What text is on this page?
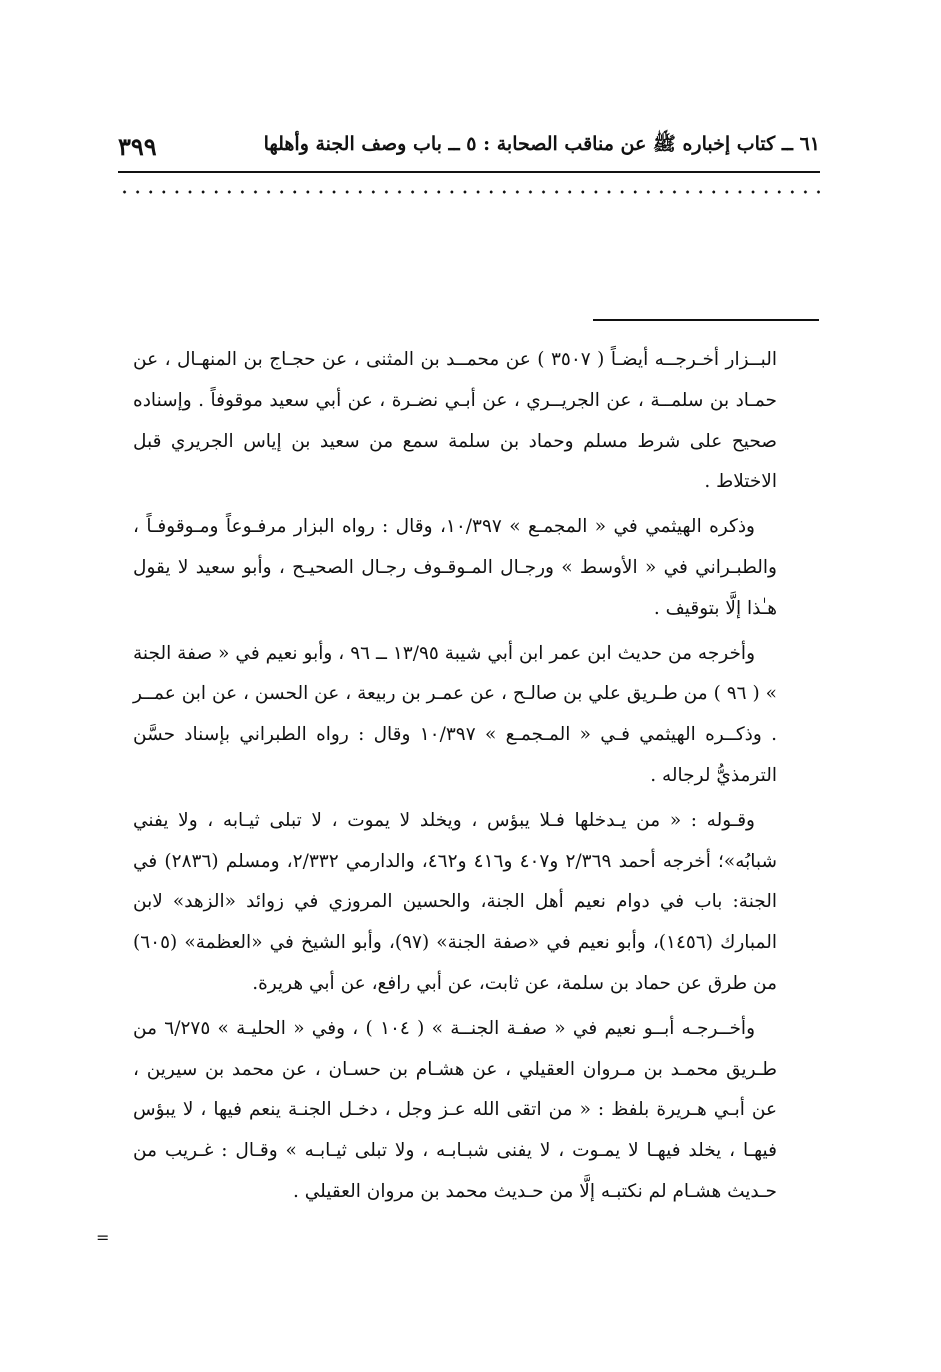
٦١ ــ كتاب إخباره ﷺ عن مناقب الصحابة : ٥ ــ باب وصف الجنة وأهلها
٣٩٩

البــزار أخـرجــه أيضـاً ( ٣٥٠٧ ) عن محمــد بن المثنى ، عن حجـاج بن المنهـال ، عن حمـاد بن سلمــة ، عن الجريــري ، عن أبـي نضـرة ، عن أبي سعيد موقوفاً . وإسناده صحيح على شرط مسلم وحماد بن سلمة سمع من سعيد بن إياس الجريري قبل الاختلاط .

وذكره الهيثمي في « المجمـع » ١٠/٣٩٧، وقال : رواه البزار مرفـوعاً ومـوقوفـاً ، والطبـراني في « الأوسط » ورجـال المـوقـوف رجـال الصحيـح ، وأبو سعيد لا يقول هـٰذا إلَّا بتوقيف .

وأخرجه من حديث ابن عمر ابن أبي شيبة ١٣/٩٥ ــ ٩٦ ، وأبو نعيم في « صفة الجنة » ( ٩٦ ) من طـريق علي بن صالـح ، عن عمـر بن ربيعة ، عن الحسن ، عن ابن عمــر . وذكــره الهيثمي فـي « المـجمـع » ١٠/٣٩٧ وقال : رواه الطبراني بإسناد حسَّن الترمذيُّ لرجاله .

وقـوله : « من يـدخلها فـلا يبؤس ، ويخلد لا يموت ، لا تبلى ثيـابه ، ولا يفني شبابُه»؛ أخرجه أحمد ٢/٣٦٩ و٤٠٧ و٤١٦ و٤٦٢، والدارمي ٢/٣٣٢، ومسلم (٢٨٣٦) في الجنة: باب في دوام نعيم أهل الجنة، والحسين المروزي في زوائد «الزهد» لابن المبارك (١٤٥٦)، وأبو نعيم في «صفة الجنة» (٩٧)، وأبو الشيخ في «العظمة» (٦٠٥) من طرق عن حماد بن سلمة، عن ثابت، عن أبي رافع، عن أبي هريرة.

وأخــرجـه أبــو نعيم في « صفـة الجنــة » ( ١٠٤ ) ، وفي « الحليـة » ٦/٢٧٥ من طـريق محمـد بن مـروان العقيلي ، عن هشـام بن حسـان ، عن محمد بن سيرين ، عن أبـي هـريرة بلفظ : « من اتقى الله عـز وجل ، دخـل الجنـة ينعم فيها ، لا يبؤس فيهـا ، يخلد فيهـا لا يمـوت ، لا يفنى شبـابـه ، ولا تبلى ثيـابـه » وقـال : غـريب من حـديث هشـام لم نكتبـه إلَّا من حـديث محمد بن مروان العقيلي .

=
